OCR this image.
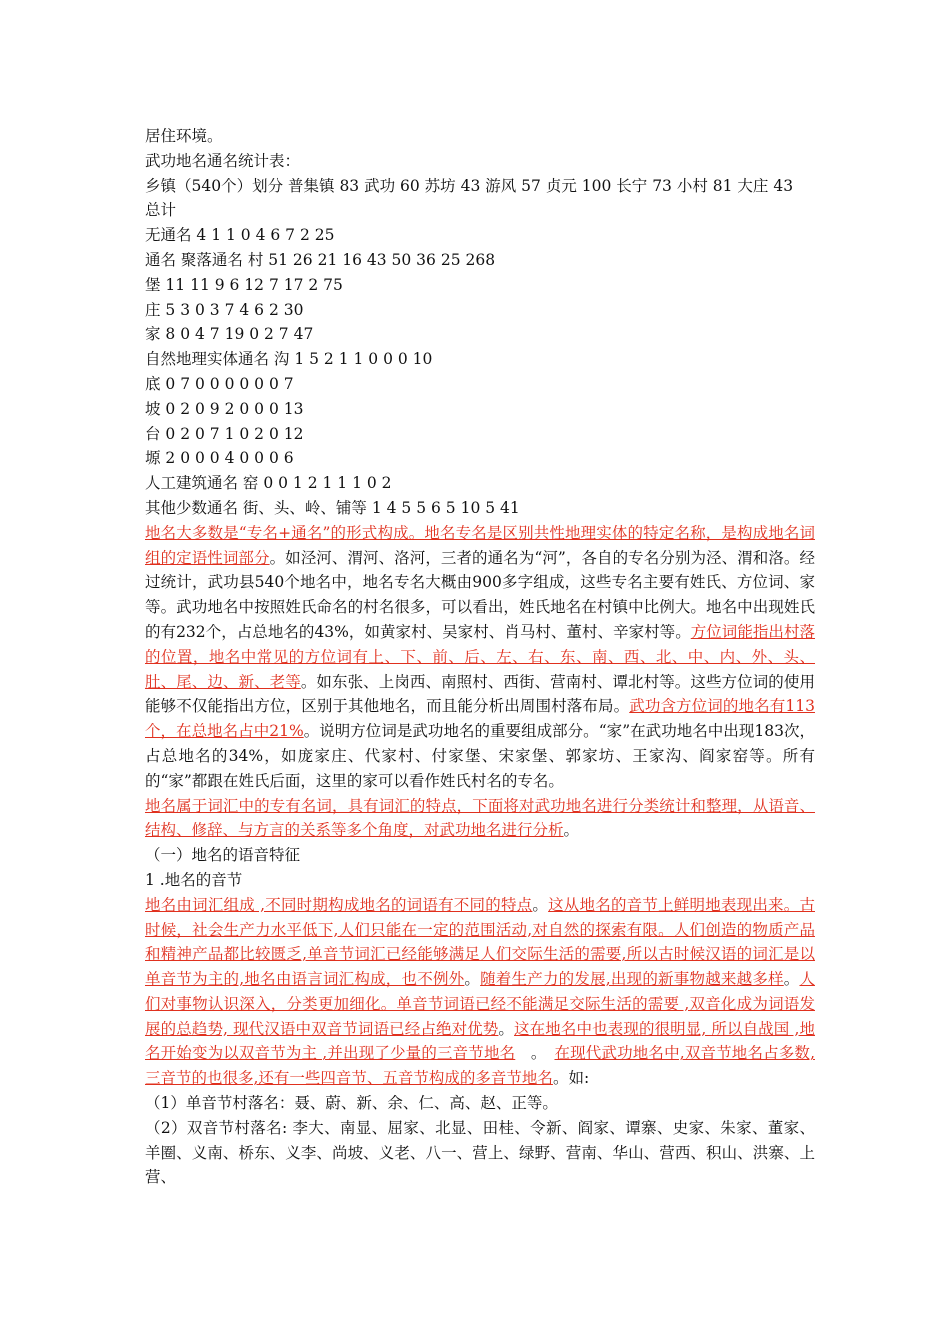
居住环境。
武功地名通名统计表：
乡镇（540个）划分 普集镇 83 武功 60 苏坊 43 游风 57 贞元 100 长宁 73 小村 81 大庄 43
总计
无通名 4 1 1 0 4 6 7 2 25
通名 聚落通名 村 51 26 21 16 43 50 36 25 268
堡 11 11 9 6 12 7 17 2 75
庄 5 3 0 3 7 4 6 2 30
家 8 0 4 7 19 0 2 7 47
自然地理实体通名 沟 1 5 2 1 1 0 0 0 10
底 0 7 0 0 0 0 0 0 7
坡 0 2 0 9 2 0 0 0 13
台 0 2 0 7 1 0 2 0 12
塬 2 0 0 0 4 0 0 0 6
人工建筑通名 窑 0 0 1 2 1 1 1 0 2
其他少数通名 街、头、岭、铺等 1 4 5 5 6 5 10 5 41
地名大多数是“专名+通名”的形式构成。地名专名是区别共性地理实体的特定名称，是构成地名词组的定语性词部分。如泾河、渭河、洛河，三者的通名为“河”，各自的专名分别为泾、渭和洛。经过统计，武功县540个地名中，地名专名大概由900多字组成，这些专名主要有姓氏、方位词、家等。武功地名中按照姓氏命名的村名很多，可以看出，姓氏地名在村镇中比例大。地名中出现姓氏的有232个，占总地名的43%，如黄家村、吴家村、肖马村、董村、辛家村等。方位词能指出村落的位置，地名中常见的方位词有上、下、前、后、左、右、东、南、西、北、中、内、外、头、肚、尾、边、新、老等。如东张、上岗西、南照村、西街、营南村、谭北村等。这些方位词的使用能够不仅能指出方位，区别于其他地名，而且能分析出周围村落布局。武功含方位词的地名有113个，在总地名占中21%。说明方位词是武功地名的重要组成部分。“家”在武功地名中出现183次，占总地名的34%，如庞家庄、代家村、付家堡、宋家堡、郭家坊、王家沟、阎家窑等。所有的“家”都跟在姓氏后面，这里的家可以看作姓氏村名的专名。
地名属于词汇中的专有名词，具有词汇的特点，下面将对武功地名进行分类统计和整理，从语音、结构、修辞、与方言的关系等多个角度，对武功地名进行分析。
（一）地名的语音特征
1 .地名的音节
地名由词汇组成 ,不同时期构成地名的词语有不同的特点。这从地名的音节上鲜明地表现出来。古时候，社会生产力水平低下,人们只能在一定的范围活动,对自然的探索有限。人们创造的物质产品和精神产品都比较匮乏,单音节词汇已经能够满足人们交际生活的需要,所以古时候汉语的词汇是以单音节为主的,地名由语言词汇构成，也不例外。随着生产力的发展,出现的新事物越来越多样。人们对事物认识深入，分类更加细化。单音节词语已经不能满足交际生活的需要 ,双音化成为词语发展的总趋势, 现代汉语中双音节词语已经占绝对优势。这在地名中也表现的很明显, 所以自战国 ,地名开始变为以双音节为主 ,并出现了少量的三音节地名　。　在现代武功地名中,双音节地名占多数,三音节的也很多,还有一些四音节、五音节构成的多音节地名。如:
（1）单音节村落名：聂、蔚、新、余、仁、高、赵、正等。
（2）双音节村落名: 李大、南显、屈家、北显、田桂、令新、阎家、谭寨、史家、朱家、董家、羊圈、义南、桥东、义李、尚坡、义老、八一、营上、绿野、营南、华山、营西、积山、洪寨、上营、
